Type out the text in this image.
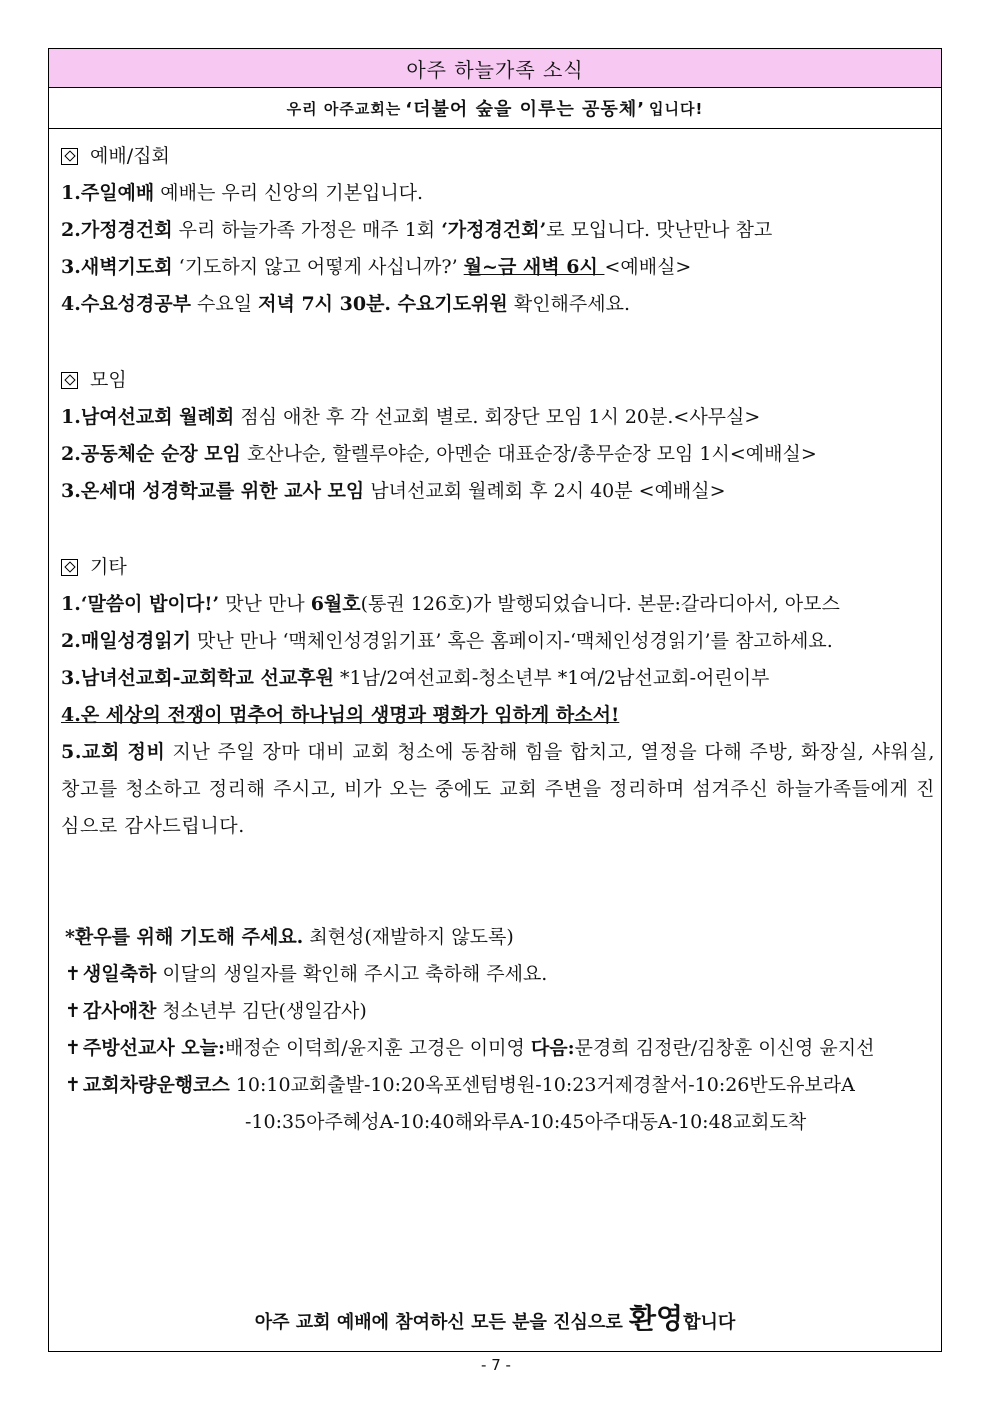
아주 하늘가족 소식
우리 아주교회는 ‘더불어 숲을 이루는 공동체’ 입니다!
예배/집회
1.주일예배 예배는 우리 신앙의 기본입니다.
2.가정경건회 우리 하늘가족 가정은 매주 1회 ‘가정경건회’로 모입니다. 맛난만나 참고
3.새벽기도회 ‘기도하지 않고 어떻게 사십니까?’ 월~금 새벽 6시 <예배실>
4.수요성경공부 수요일 저녁 7시 30분. 수요기도위원 확인해주세요.
모임
1.남여선교회 월례회 점심 애찬 후 각 선교회 별로. 회장단 모임 1시 20분.<사무실>
2.공동체순 순장 모임 호산나순, 할렐루야순, 아멘순 대표순장/총무순장 모임 1시<예배실>
3.온세대 성경학교를 위한 교사 모임 남녀선교회 월례회 후 2시 40분 <예배실>
기타
1.‘말씀이 밥이다!’ 맛난 만나 6월호(통권 126호)가 발행되었습니다. 본문:갈라디아서, 아모스
2.매일성경읽기 맛난 만나 ‘맥체인성경읽기표’ 혹은 홈페이지-‘맥체인성경읽기’를 참고하세요.
3.남녀선교회-교회학교 선교후원 *1남/2여선교회-청소년부 *1여/2남선교회-어린이부
4.온 세상의 전쟁이 멈추어 하나님의 생명과 평화가 임하게 하소서!
5.교회 정비 지난 주일 장마 대비 교회 청소에 동참해 힘을 합치고, 열정을 다해 주방, 화장실, 샤워실, 창고를 청소하고 정리해 주시고, 비가 오는 중에도 교회 주변을 정리하며 섬겨주신 하늘가족들에게 진심으로 감사드립니다.
*환우를 위해 기도해 주세요. 최현성(재발하지 않도록)
✝ 생일축하 이달의 생일자를 확인해 주시고 축하해 주세요.
✝ 감사애찬 청소년부 김단(생일감사)
✝ 주방선교사 오늘:배정순 이덕희/윤지훈 고경은 이미영 다음:문경희 김정란/김창훈 이신영 윤지선
✝ 교회차량운행코스 10:10교회출발-10:20옥포센텀병원-10:23거제경찰서-10:26반도유보라A
-10:35아주혜성A-10:40해와루A-10:45아주대동A-10:48교회도착
아주 교회 예배에 참여하신 모든 분을 진심으로 환영합니다
- 7 -
